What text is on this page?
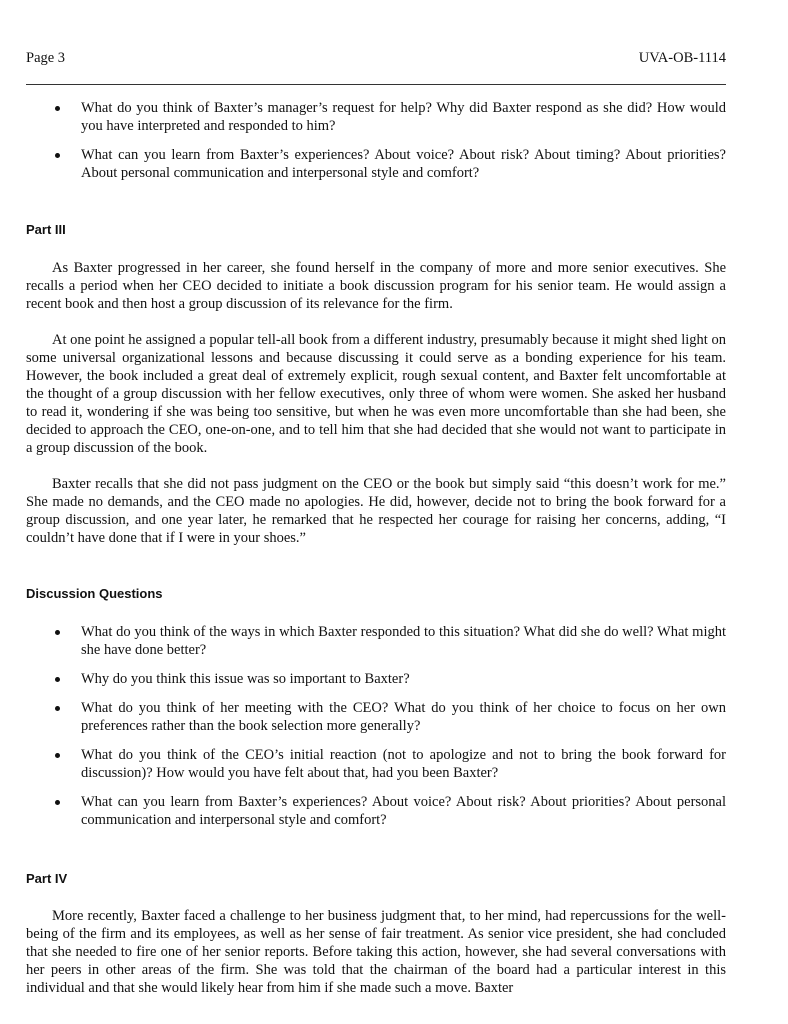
Page 3	UVA-OB-1114
What do you think of Baxter’s manager’s request for help? Why did Baxter respond as she did? How would you have interpreted and responded to him?
What can you learn from Baxter’s experiences? About voice? About risk? About timing? About priorities? About personal communication and interpersonal style and comfort?
Part III

As Baxter progressed in her career, she found herself in the company of more and more senior executives. She recalls a period when her CEO decided to initiate a book discussion program for his senior team. He would assign a recent book and then host a group discussion of its relevance for the firm.

At one point he assigned a popular tell-all book from a different industry, presumably because it might shed light on some universal organizational lessons and because discussing it could serve as a bonding experience for his team. However, the book included a great deal of extremely explicit, rough sexual content, and Baxter felt uncomfortable at the thought of a group discussion with her fellow executives, only three of whom were women. She asked her husband to read it, wondering if she was being too sensitive, but when he was even more uncomfortable than she had been, she decided to approach the CEO, one-on-one, and to tell him that she had decided that she would not want to participate in a group discussion of the book.

Baxter recalls that she did not pass judgment on the CEO or the book but simply said “this doesn’t work for me.” She made no demands, and the CEO made no apologies. He did, however, decide not to bring the book forward for a group discussion, and one year later, he remarked that he respected her courage for raising her concerns, adding, “I couldn’t have done that if I were in your shoes.”

Discussion Questions
What do you think of the ways in which Baxter responded to this situation? What did she do well? What might she have done better?
Why do you think this issue was so important to Baxter?
What do you think of her meeting with the CEO? What do you think of her choice to focus on her own preferences rather than the book selection more generally?
What do you think of the CEO’s initial reaction (not to apologize and not to bring the book forward for discussion)? How would you have felt about that, had you been Baxter?
What can you learn from Baxter’s experiences? About voice? About risk? About priorities? About personal communication and interpersonal style and comfort?
Part IV

More recently, Baxter faced a challenge to her business judgment that, to her mind, had repercussions for the well-being of the firm and its employees, as well as her sense of fair treatment. As senior vice president, she had concluded that she needed to fire one of her senior reports. Before taking this action, however, she had several conversations with her peers in other areas of the firm. She was told that the chairman of the board had a particular interest in this individual and that she would likely hear from him if she made such a move. Baxter
